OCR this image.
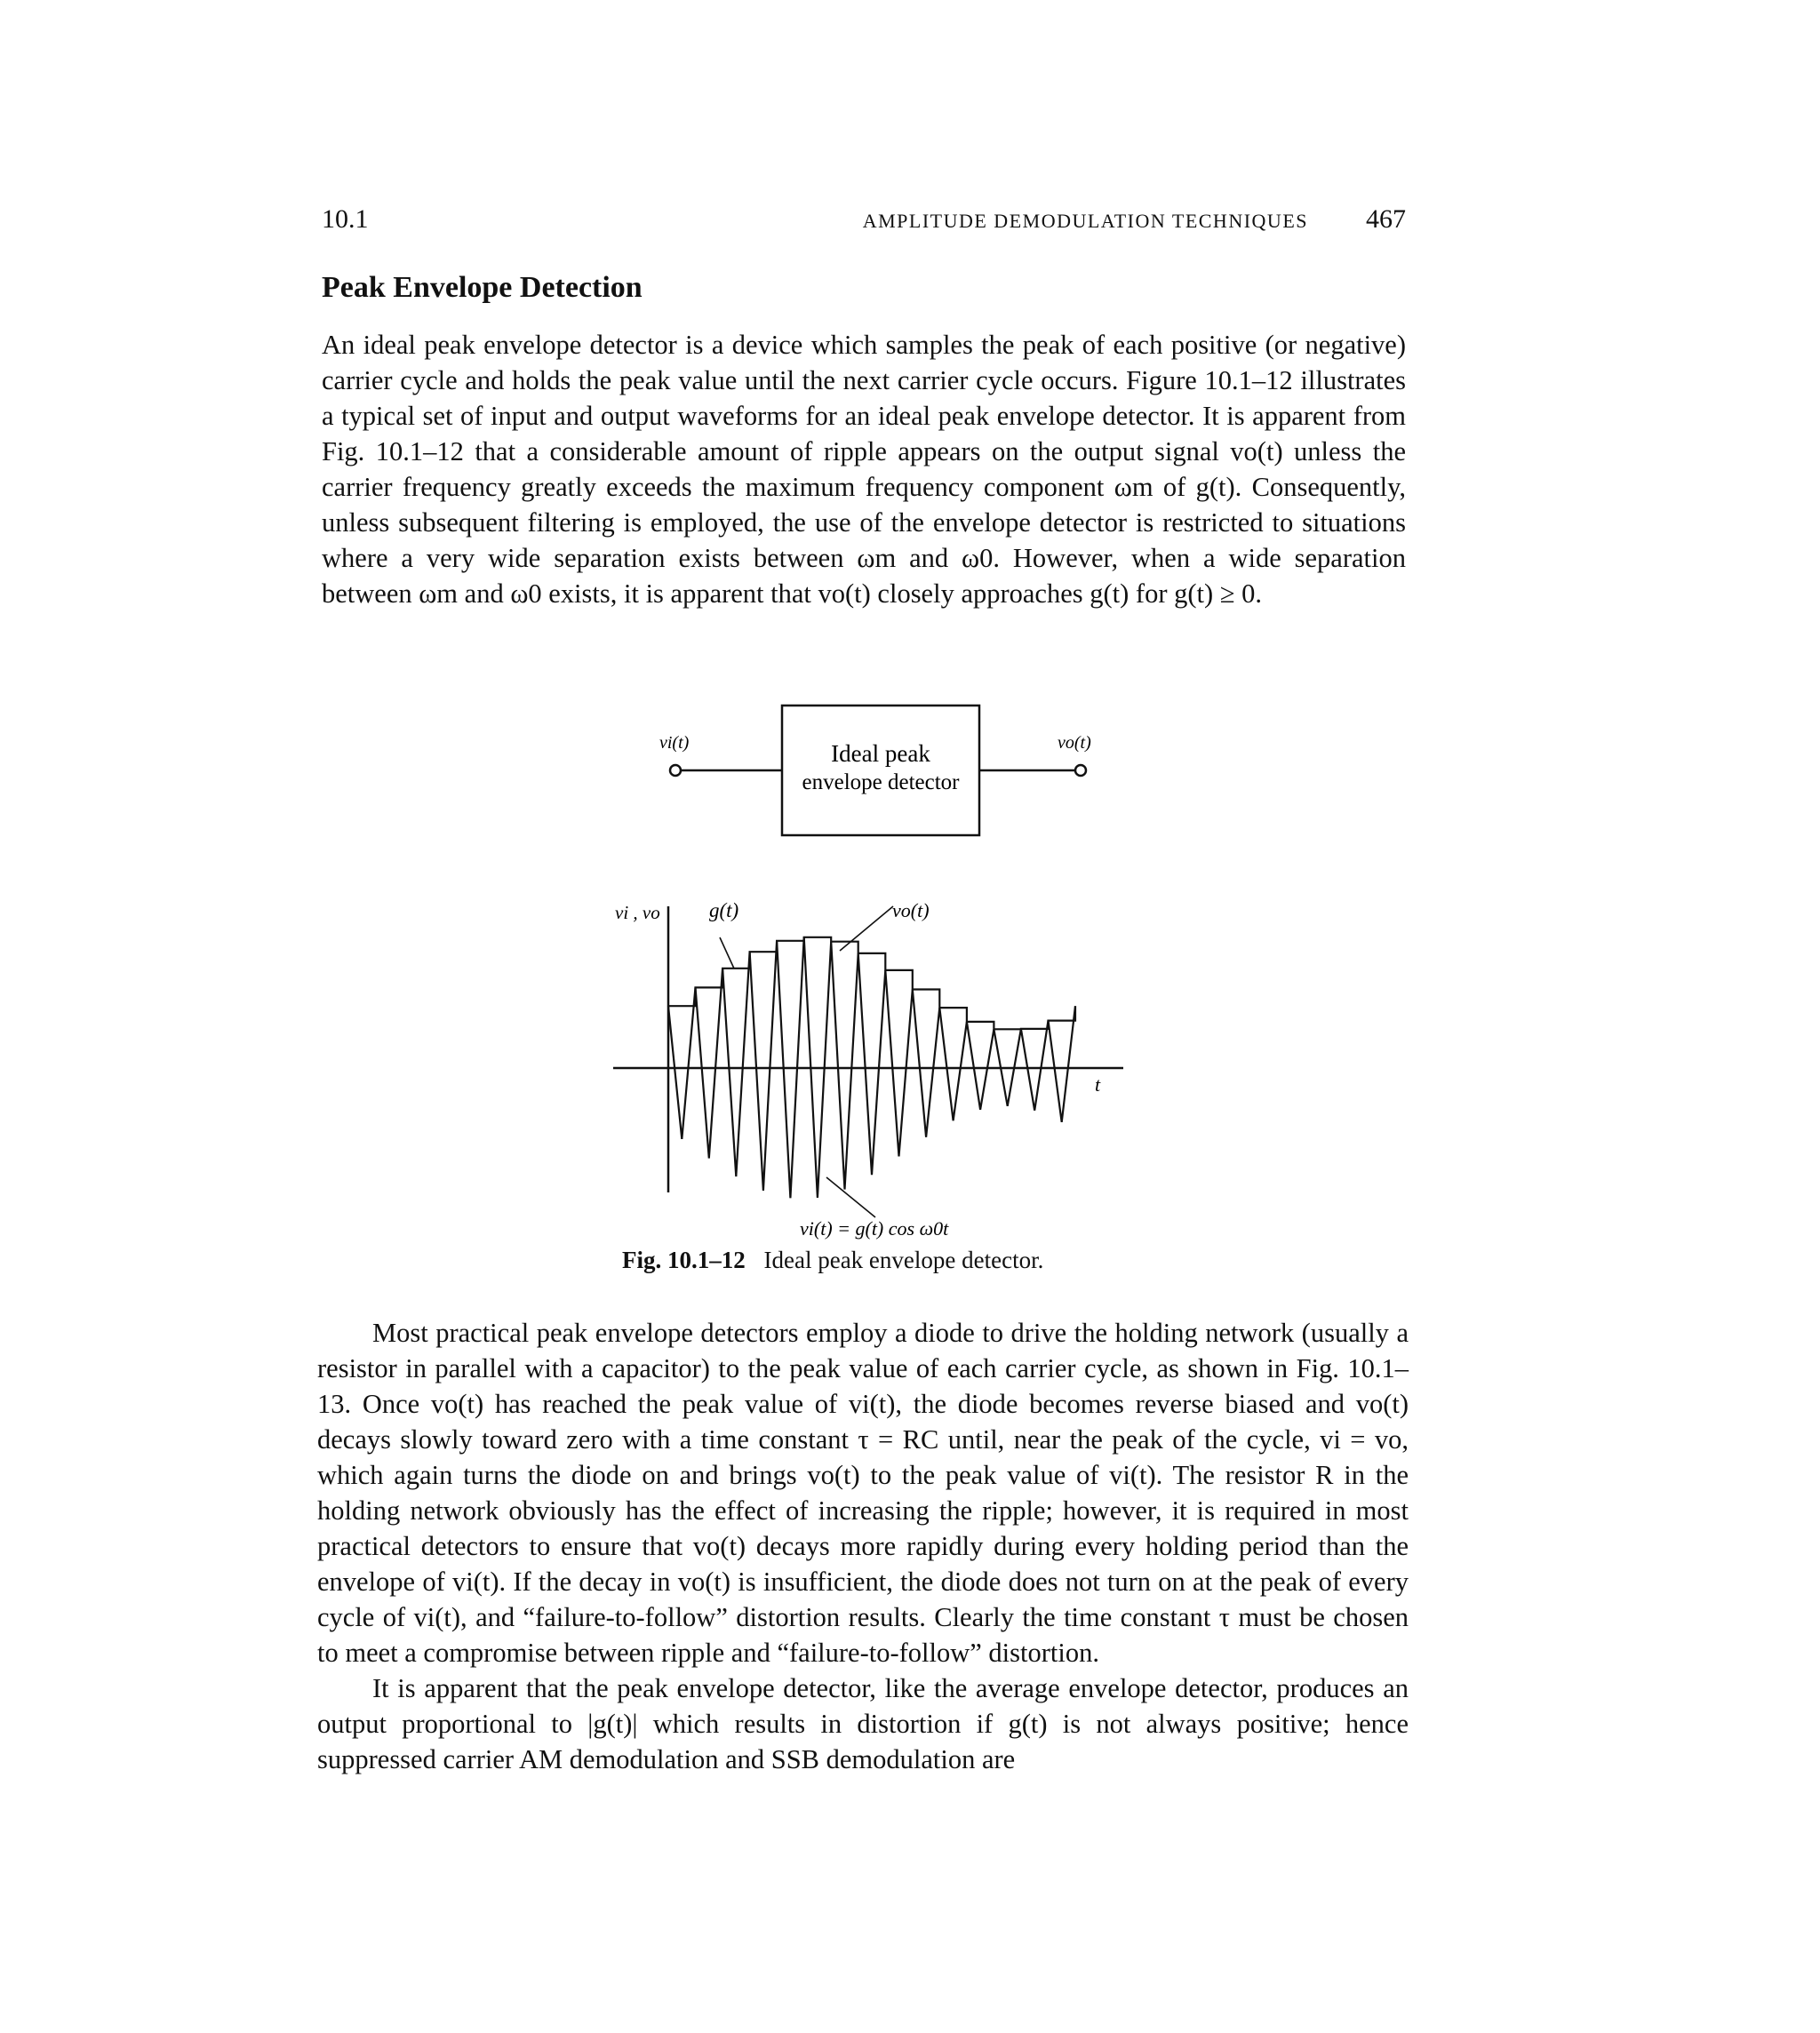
10.1	AMPLITUDE DEMODULATION TECHNIQUES 467
Peak Envelope Detection

An ideal peak envelope detector is a device which samples the peak of each positive (or negative) carrier cycle and holds the peak value until the next carrier cycle occurs. Figure 10.1–12 illustrates a typical set of input and output waveforms for an ideal peak envelope detector. It is apparent from Fig. 10.1–12 that a considerable amount of ripple appears on the output signal vo(t) unless the carrier frequency greatly exceeds the maximum frequency component ωm of g(t). Consequently, unless subsequent filtering is employed, the use of the envelope detector is restricted to situations where a very wide separation exists between ωm and ω0. However, when a wide separation between ωm and ω0 exists, it is apparent that vo(t) closely approaches g(t) for g(t) ≥ 0.

Ideal peak
envelope detector
vi(t)	vo(t)
vi , vo g(t)	vo(t)
t
vi(t) = g(t) cos ω0t
Fig. 10.1–12 Ideal peak envelope detector.

Most practical peak envelope detectors employ a diode to drive the holding network (usually a resistor in parallel with a capacitor) to the peak value of each carrier cycle, as shown in Fig. 10.1–13. Once vo(t) has reached the peak value of vi(t), the diode becomes reverse biased and vo(t) decays slowly toward zero with a time constant τ = RC until, near the peak of the cycle, vi = vo, which again turns the diode on and brings vo(t) to the peak value of vi(t). The resistor R in the holding network obviously has the effect of increasing the ripple; however, it is required in most practical detectors to ensure that vo(t) decays more rapidly during every holding period than the envelope of vi(t). If the decay in vo(t) is insufficient, the diode does not turn on at the peak of every cycle of vi(t), and “failure-to-follow” distortion results. Clearly the time constant τ must be chosen to meet a compromise between ripple and “failure-to-follow” distortion.

It is apparent that the peak envelope detector, like the average envelope detector, produces an output proportional to |g(t)| which results in distortion if g(t) is not always positive; hence suppressed carrier AM demodulation and SSB demodulation are
